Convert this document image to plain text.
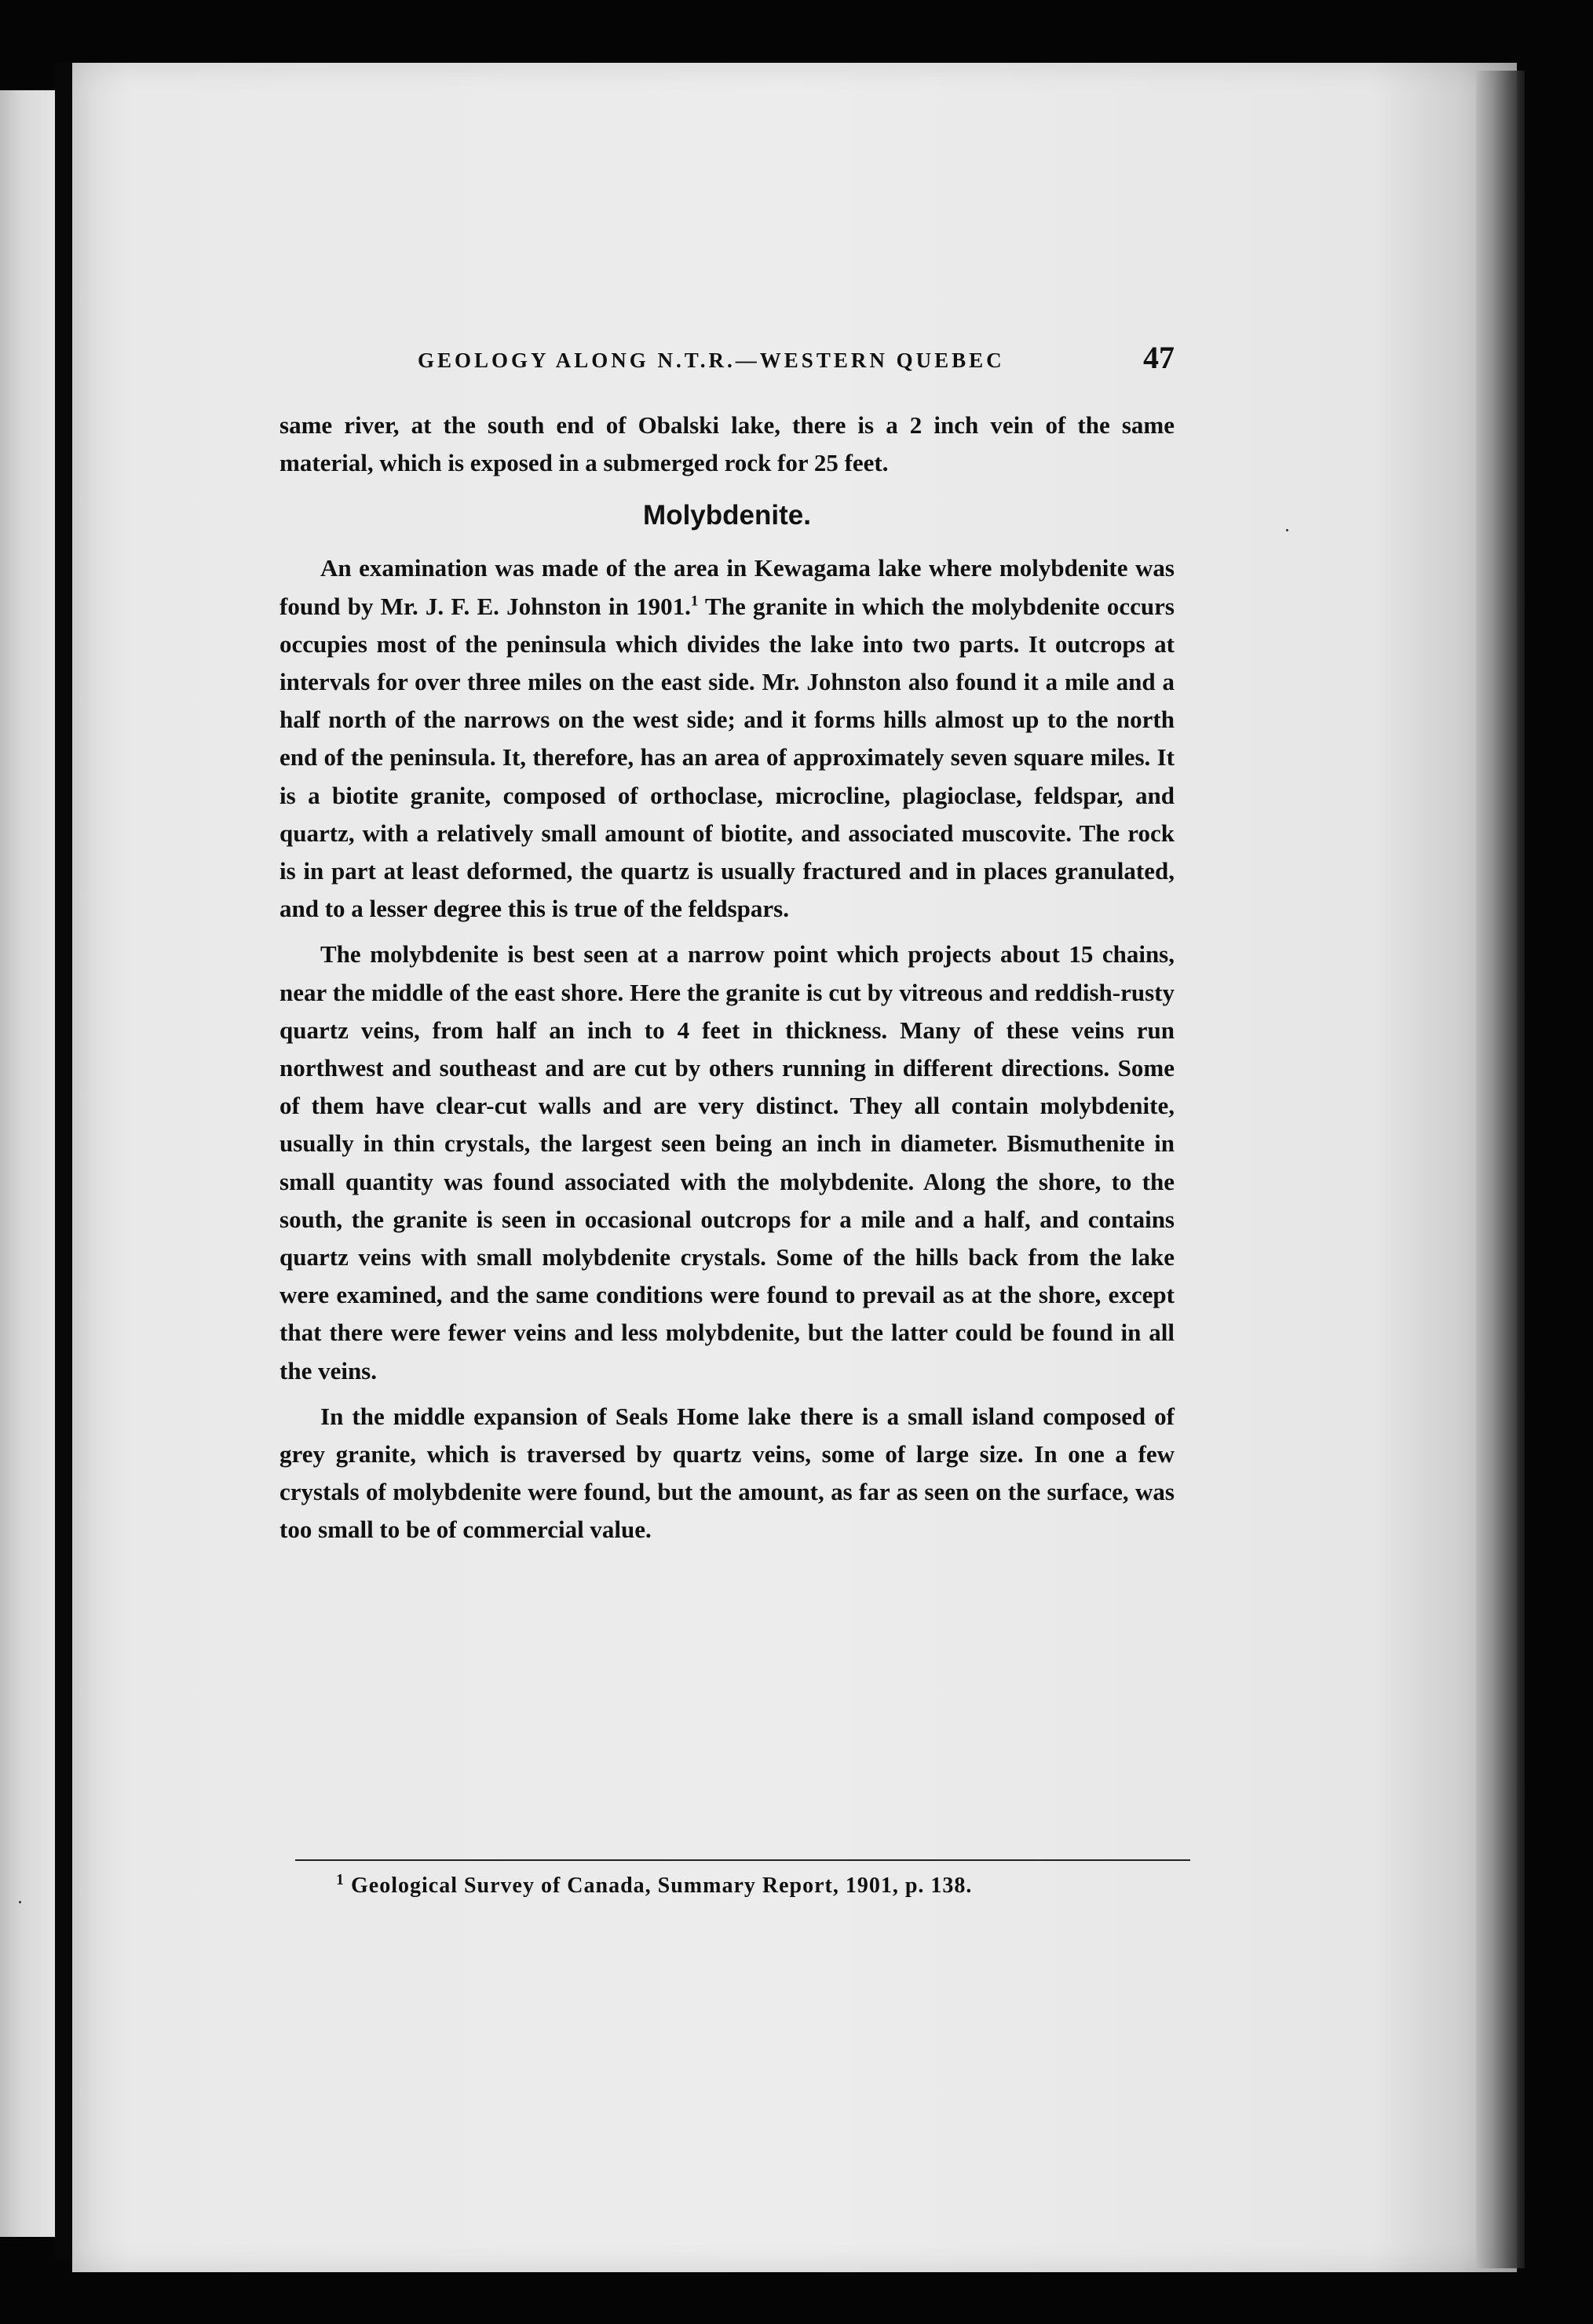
GEOLOGY ALONG N.T.R.—WESTERN QUEBEC	47

same river, at the south end of Obalski lake, there is a 2 inch vein of the same material, which is exposed in a submerged rock for 25 feet.

Molybdenite.

An examination was made of the area in Kewagama lake where molybdenite was found by Mr. J. F. E. Johnston in 1901.$^1$ The granite in which the molybdenite occurs occupies most of the peninsula which divides the lake into two parts. It outcrops at intervals for over three miles on the east side. Mr. Johnston also found it a mile and a half north of the narrows on the west side; and it forms hills almost up to the north end of the peninsula. It, therefore, has an area of approximately seven square miles. It is a biotite granite, composed of orthoclase, microcline, plagioclase, feldspar, and quartz, with a relatively small amount of biotite, and associated muscovite. The rock is in part at least deformed, the quartz is usually fractured and in places granulated, and to a lesser degree this is true of the feldspars.

The molybdenite is best seen at a narrow point which projects about 15 chains, near the middle of the east shore. Here the granite is cut by vitreous and reddish-rusty quartz veins, from half an inch to 4 feet in thickness. Many of these veins run northwest and southeast and are cut by others running in different directions. Some of them have clear-cut walls and are very distinct. They all contain molybdenite, usually in thin crystals, the largest seen being an inch in diameter. Bismuthenite in small quantity was found associated with the molybdenite. Along the shore, to the south, the granite is seen in occasional outcrops for a mile and a half, and contains quartz veins with small molybdenite crystals. Some of the hills back from the lake were examined, and the same conditions were found to prevail as at the shore, except that there were fewer veins and less molybdenite, but the latter could be found in all the veins.

In the middle expansion of Seals Home lake there is a small island composed of grey granite, which is traversed by quartz veins, some of large size. In one a few crystals of molybdenite were found, but the amount, as far as seen on the surface, was too small to be of commercial value.

$^1$ Geological Survey of Canada, Summary Report, 1901, p. 138.
